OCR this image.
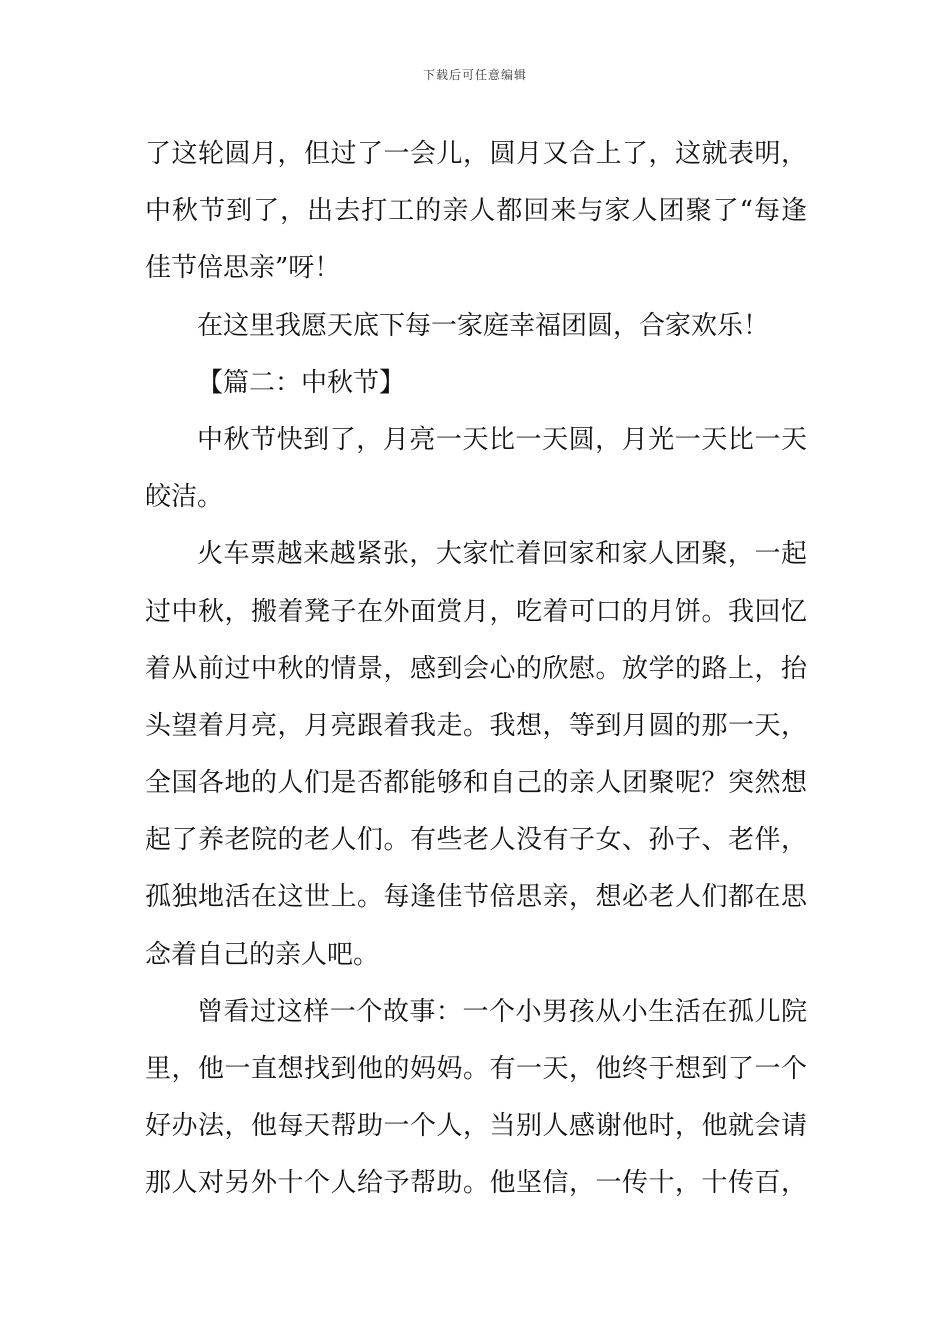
下载后可任意编辑
了这轮圆月，但过了一会儿，圆月又合上了，这就表明，
中秋节到了，出去打工的亲人都回来与家人团聚了“每逢
佳节倍思亲”呀！
在这里我愿天底下每一家庭幸福团圆，合家欢乐！
【篇二：中秋节】
中秋节快到了，月亮一天比一天圆，月光一天比一天
皎洁。
火车票越来越紧张，大家忙着回家和家人团聚，一起
过中秋，搬着凳子在外面赏月，吃着可口的月饼。我回忆
着从前过中秋的情景，感到会心的欣慰。放学的路上，抬
头望着月亮，月亮跟着我走。我想，等到月圆的那一天，
全国各地的人们是否都能够和自己的亲人团聚呢？突然想
起了养老院的老人们。有些老人没有子女、孙子、老伴，
孤独地活在这世上。每逢佳节倍思亲，想必老人们都在思
念着自己的亲人吧。
曾看过这样一个故事：一个小男孩从小生活在孤儿院
里，他一直想找到他的妈妈。有一天，他终于想到了一个
好办法，他每天帮助一个人，当别人感谢他时，他就会请
那人对另外十个人给予帮助。他坚信，一传十，十传百，
